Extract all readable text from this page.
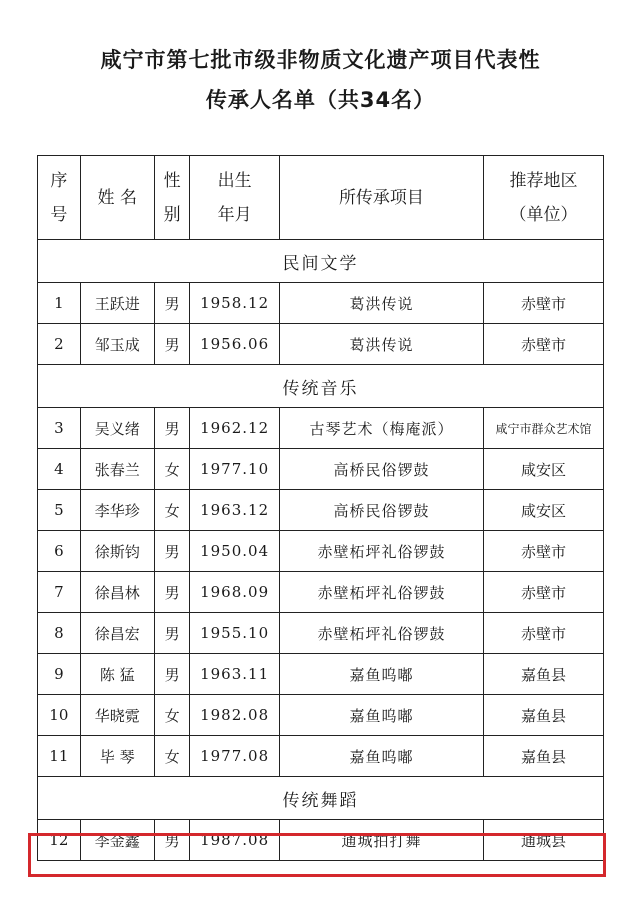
咸宁市第七批市级非物质文化遗产项目代表性
传承人名单（共34名）
序号	姓 名	性别	出生年月	所传承项目	推荐地区（单位）
民间文学					
1	王跃进	男	1958.12	葛洪传说	赤壁市
2	邹玉成	男	1956.06	葛洪传说	赤壁市
传统音乐					
3	吴义绪	男	1962.12	古琴艺术（梅庵派）	咸宁市群众艺术馆
4	张春兰	女	1977.10	高桥民俗锣鼓	咸安区
5	李华珍	女	1963.12	高桥民俗锣鼓	咸安区
6	徐斯钧	男	1950.04	赤壁柘坪礼俗锣鼓	赤壁市
7	徐昌林	男	1968.09	赤壁柘坪礼俗锣鼓	赤壁市
8	徐昌宏	男	1955.10	赤壁柘坪礼俗锣鼓	赤壁市
9	陈 猛	男	1963.11	嘉鱼呜嘟	嘉鱼县
10	华晓霓	女	1982.08	嘉鱼呜嘟	嘉鱼县
11	毕 琴	女	1977.08	嘉鱼呜嘟	嘉鱼县
传统舞蹈					
12	李金鑫	男	1987.08	通城拍打舞	通城县
